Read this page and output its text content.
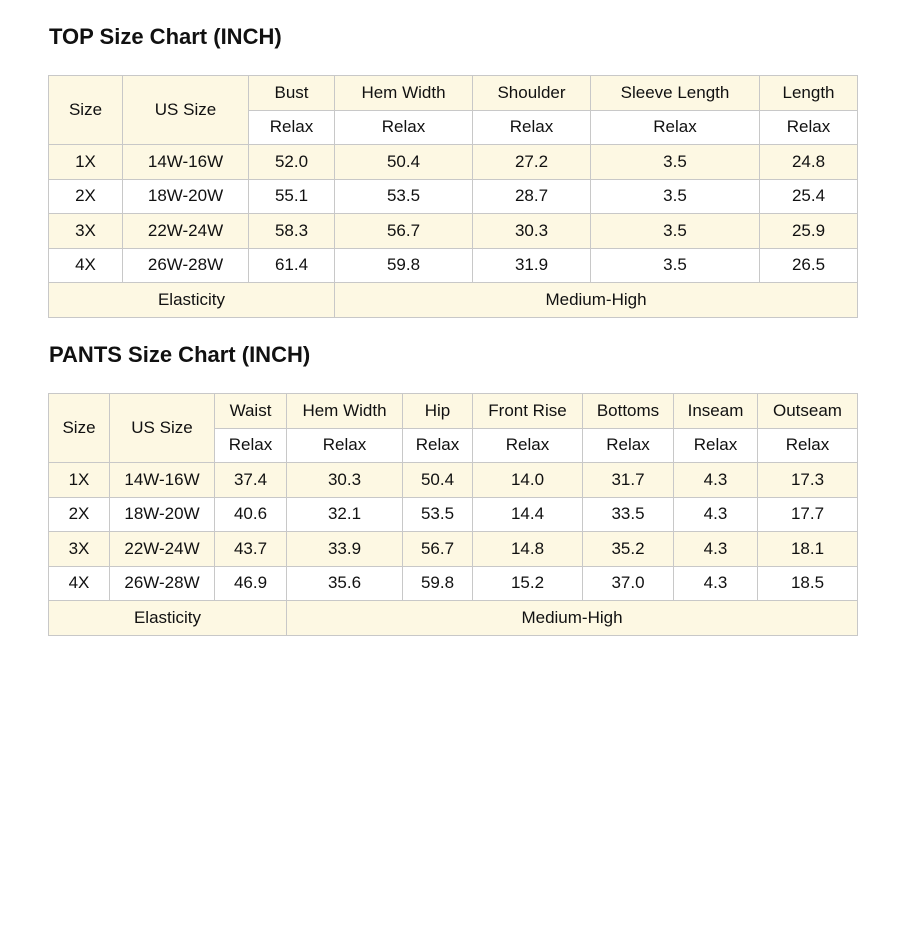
TOP Size Chart (INCH)
Size	US Size	Bust	Hem Width	Shoulder	Sleeve Length	Length
		Relax	Relax	Relax	Relax	Relax
1X	14W-16W	52.0	50.4	27.2	3.5	24.8
2X	18W-20W	55.1	53.5	28.7	3.5	25.4
3X	22W-24W	58.3	56.7	30.3	3.5	25.9
4X	26W-28W	61.4	59.8	31.9	3.5	26.5
Elasticity			Medium-High			
PANTS Size Chart (INCH)
Size	US Size	Waist	Hem Width	Hip	Front Rise	Bottoms	Inseam	Outseam
		Relax	Relax	Relax	Relax	Relax	Relax	Relax
1X	14W-16W	37.4	30.3	50.4	14.0	31.7	4.3	17.3
2X	18W-20W	40.6	32.1	53.5	14.4	33.5	4.3	17.7
3X	22W-24W	43.7	33.9	56.7	14.8	35.2	4.3	18.1
4X	26W-28W	46.9	35.6	59.8	15.2	37.0	4.3	18.5
Elasticity			Medium-High					
